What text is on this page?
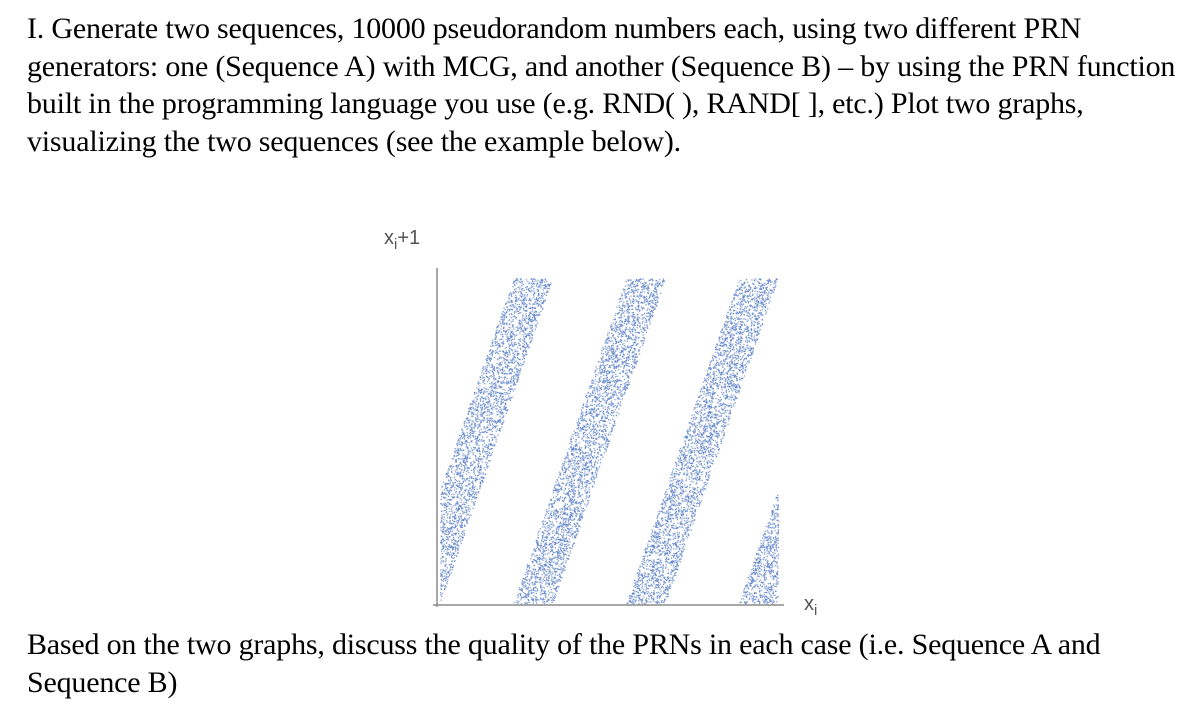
I. Generate two sequences, 10000 pseudorandom numbers each, using two different PRN generators: one (Sequence A) with MCG, and another (Sequence B) – by using the PRN function built in the programming language you use (e.g. RND( ), RAND[ ], etc.) Plot two graphs, visualizing the two sequences (see the example below).
$x_i+1$
$x_i$
Based on the two graphs, discuss the quality of the PRNs in each case (i.e. Sequence A and Sequence B)
